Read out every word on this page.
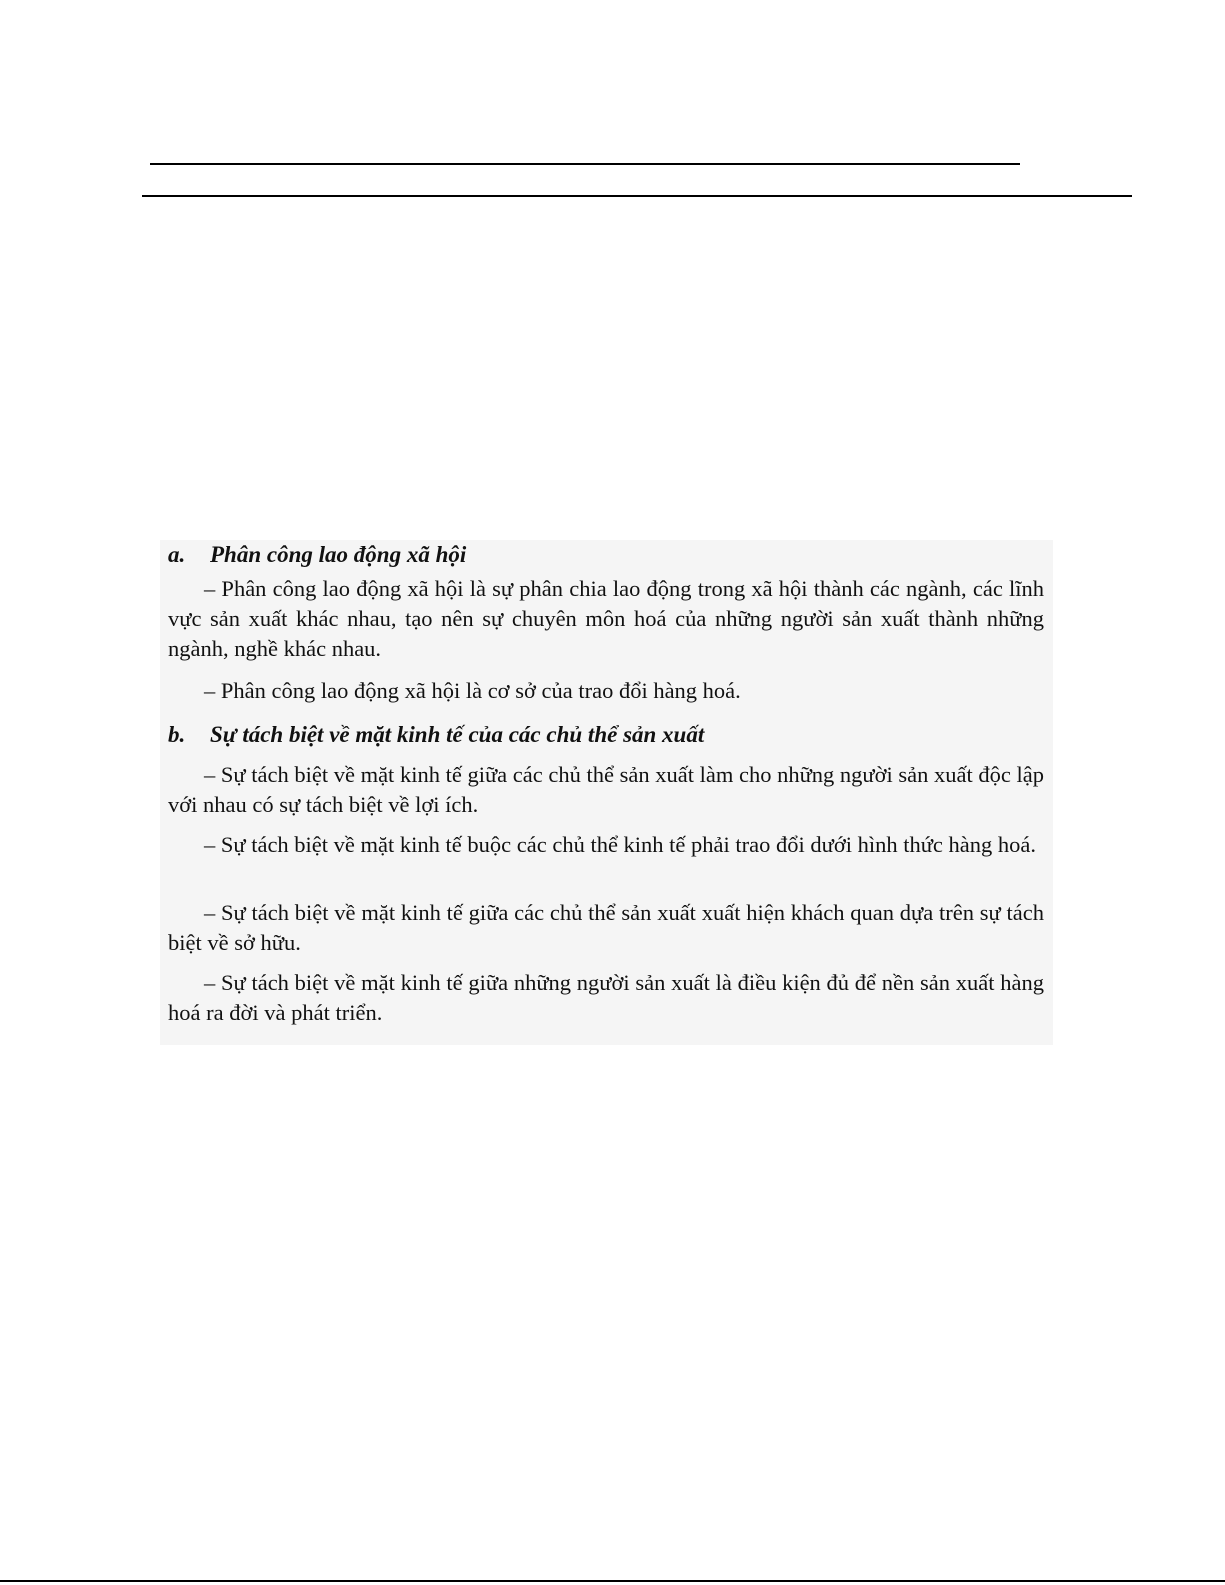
a. Phân công lao động xã hội
– Phân công lao động xã hội là sự phân chia lao động trong xã hội thành các ngành, các lĩnh vực sản xuất khác nhau, tạo nên sự chuyên môn hoá của những người sản xuất thành những ngành, nghề khác nhau.
– Phân công lao động xã hội là cơ sở của trao đổi hàng hoá.
b. Sự tách biệt về mặt kinh tế của các chủ thể sản xuất
– Sự tách biệt về mặt kinh tế giữa các chủ thể sản xuất làm cho những người sản xuất độc lập với nhau có sự tách biệt về lợi ích.
– Sự tách biệt về mặt kinh tế buộc các chủ thể kinh tế phải trao đổi dưới hình thức hàng hoá.
– Sự tách biệt về mặt kinh tế giữa các chủ thể sản xuất xuất hiện khách quan dựa trên sự tách biệt về sở hữu.
– Sự tách biệt về mặt kinh tế giữa những người sản xuất là điều kiện đủ để nền sản xuất hàng hoá ra đời và phát triển.
